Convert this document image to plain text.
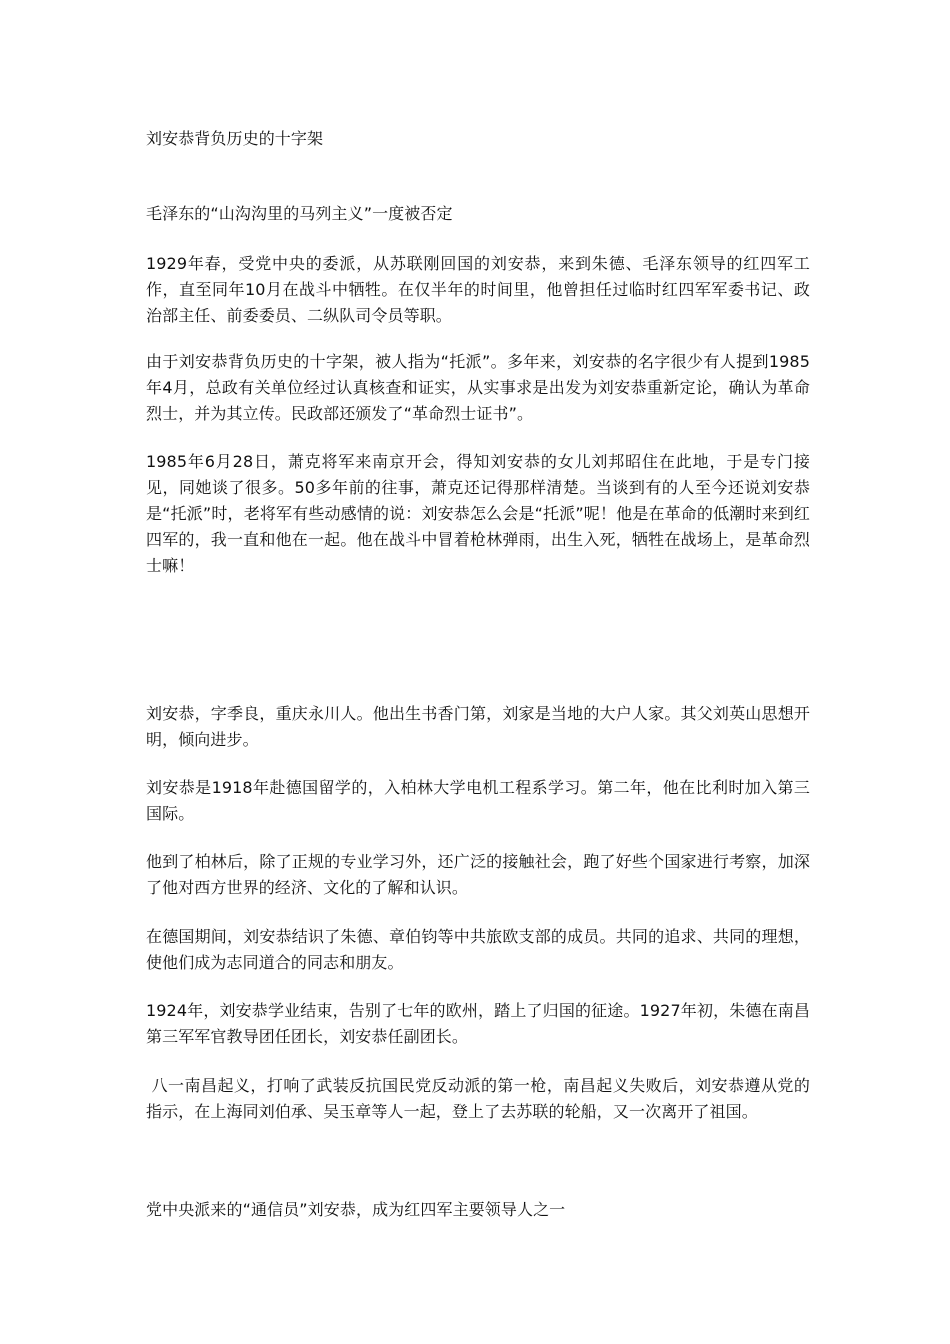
刘安恭背负历史的十字架

毛泽东的“山沟沟里的马列主义”一度被否定

1929年春，受党中央的委派，从苏联刚回国的刘安恭，来到朱德、毛泽东领导的红四军工作，直至同年10月在战斗中牺牲。在仅半年的时间里，他曾担任过临时红四军军委书记、政治部主任、前委委员、二纵队司令员等职。

由于刘安恭背负历史的十字架，被人指为“托派”。多年来，刘安恭的名字很少有人提到1985年4月，总政有关单位经过认真核查和证实，从实事求是出发为刘安恭重新定论，确认为革命烈士，并为其立传。民政部还颁发了“革命烈士证书”。

1985年6月28日，萧克将军来南京开会，得知刘安恭的女儿刘邦昭住在此地，于是专门接见，同她谈了很多。50多年前的往事，萧克还记得那样清楚。当谈到有的人至今还说刘安恭是“托派”时，老将军有些动感情的说：刘安恭怎么会是“托派”呢！他是在革命的低潮时来到红四军的，我一直和他在一起。他在战斗中冒着枪林弹雨，出生入死，牺牲在战场上，是革命烈士嘛！

刘安恭，字季良，重庆永川人。他出生书香门第，刘家是当地的大户人家。其父刘英山思想开明，倾向进步。

刘安恭是1918年赴德国留学的，入柏林大学电机工程系学习。第二年，他在比利时加入第三国际。

他到了柏林后，除了正规的专业学习外，还广泛的接触社会，跑了好些个国家进行考察，加深了他对西方世界的经济、文化的了解和认识。

在德国期间，刘安恭结识了朱德、章伯钧等中共旅欧支部的成员。共同的追求、共同的理想，使他们成为志同道合的同志和朋友。

1924年，刘安恭学业结束，告别了七年的欧州，踏上了归国的征途。1927年初，朱德在南昌第三军军官教导团任团长，刘安恭任副团长。

八一南昌起义，打响了武装反抗国民党反动派的第一枪，南昌起义失败后，刘安恭遵从党的指示，在上海同刘伯承、吴玉章等人一起，登上了去苏联的轮船，又一次离开了祖国。

党中央派来的“通信员”刘安恭，成为红四军主要领导人之一
